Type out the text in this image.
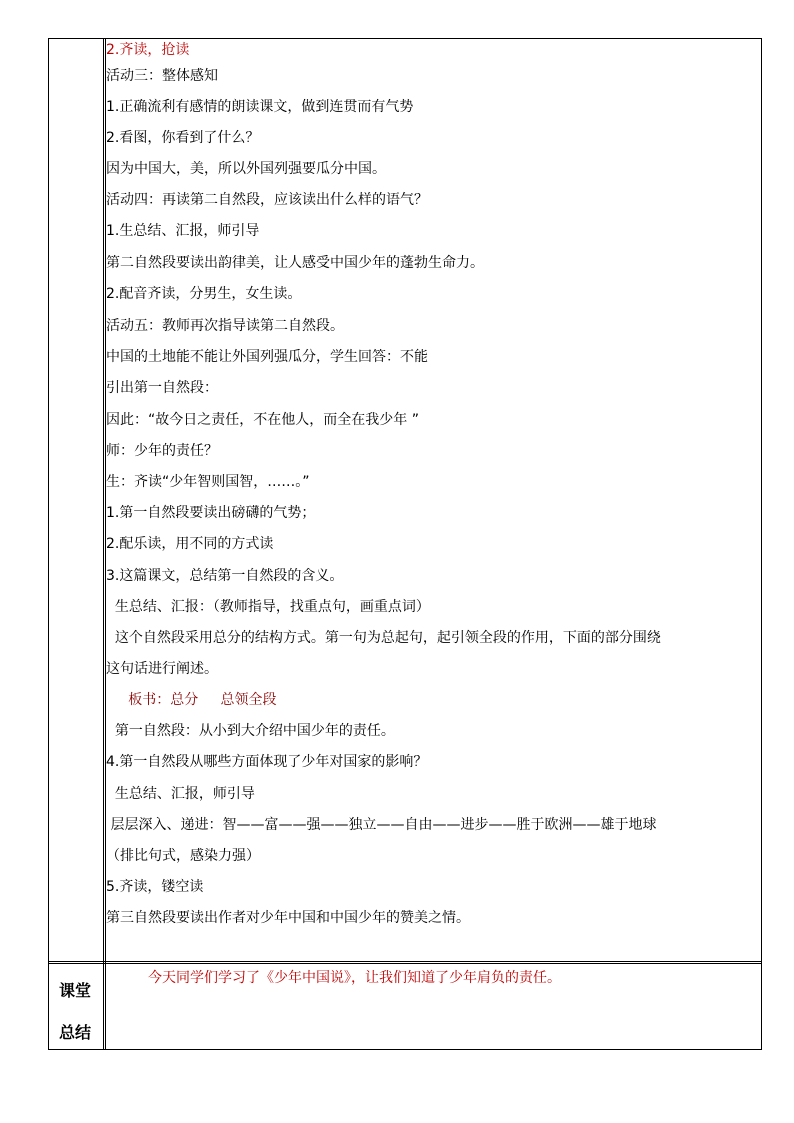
2.齐读，抢读
活动三：整体感知
1.正确流利有感情的朗读课文，做到连贯而有气势
2.看图，你看到了什么？
因为中国大，美，所以外国列强要瓜分中国。
活动四：再读第二自然段，应该读出什么样的语气？
1.生总结、汇报，师引导
第二自然段要读出韵律美，让人感受中国少年的蓬勃生命力。
2.配音齐读，分男生，女生读。
活动五：教师再次指导读第二自然段。
中国的土地能不能让外国列强瓜分，学生回答：不能
引出第一自然段：
因此：“故今日之责任，不在他人，而全在我少年 ”
师：少年的责任？
生：齐读“少年智则国智，……。”
1.第一自然段要读出磅礴的气势；
2.配乐读，用不同的方式读
3.这篇课文，总结第一自然段的含义。
生总结、汇报：（教师指导，找重点句，画重点词）
这个自然段采用总分的结构方式。第一句为总起句，起引领全段的作用，下面的部分围绕
这句话进行阐述。
板书：总分     总领全段
第一自然段：从小到大介绍中国少年的责任。
4.第一自然段从哪些方面体现了少年对国家的影响？
生总结、汇报，师引导
层层深入、递进：智——富——强——独立——自由——进步——胜于欧洲——雄于地球
（排比句式，感染力强）
5.齐读，镂空读
第三自然段要读出作者对少年中国和中国少年的赞美之情。
课堂
总结
今天同学们学习了《少年中国说》，让我们知道了少年肩负的责任。
